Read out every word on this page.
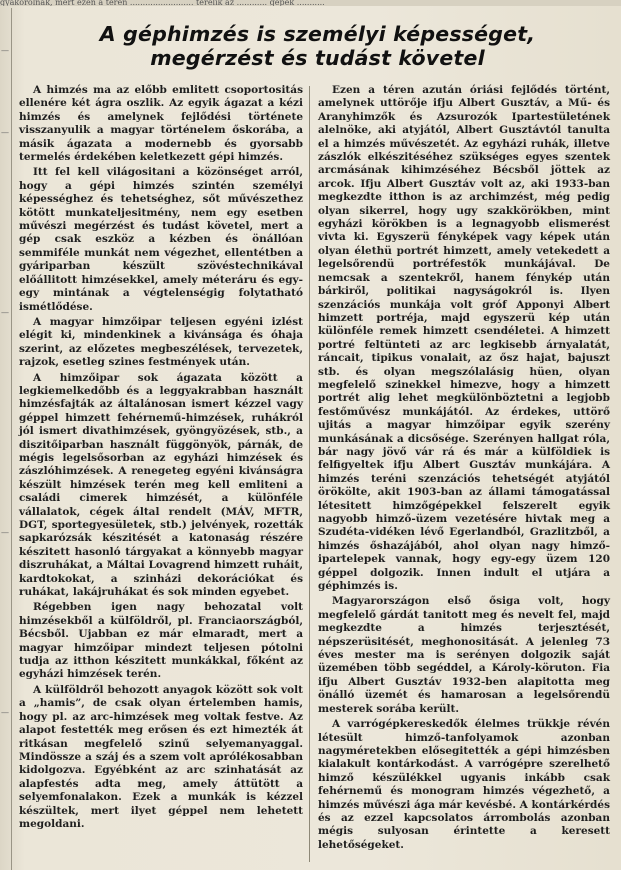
gyakorolnak, mert ezen a téren ......................... terelik az ............ gépek ...........
—
—
—
—
—
A géphimzés is személyi képességet,
megérzést és tudást követel

A himzés ma az előbb emlitett csoportositás ellenére két ágra oszlik. Az egyik ágazat a kézi himzés és amelynek fejlődési története visszanyulik a magyar történelem őskorába, a másik ágazata a modernebb és gyorsabb termelés érdekében keletkezett gépi himzés.

Itt fel kell világositani a közönséget arról, hogy a gépi himzés szintén személyi képességhez és tehetséghez, sőt művészethez kötött munkateljesitmény, nem egy esetben művészi megérzést és tudást követel, mert a gép csak eszköz a kézben és önállóan semmiféle munkát nem végezhet, ellentétben a gyáriparban készült szövéstechnikával előállitott himzésekkel, amely méteráru és egy-egy mintának a végtelenségig folytatható ismétlődése.

A magyar himzőipar teljesen egyéni izlést elégit ki, mindenkinek a kivánsága és óhaja szerint, az előzetes megbeszélések, tervezetek, rajzok, esetleg szines festmények után.

A himzőipar sok ágazata között a legkiemelkedőbb és a leggyakrabban használt himzésfajták az általánosan ismert kézzel vagy géppel himzett fehérnemű-himzések, ruhákról jól ismert divathimzések, gyöngyözések, stb., a diszitőiparban használt függönyök, párnák, de mégis legelsősorban az egyházi himzések és zászlóhimzések. A renegeteg egyéni kivánságra készült himzések terén meg kell emliteni a családi cimerek himzését, a különféle vállalatok, cégek által rendelt (MÁV, MFTR, DGT, sportegyesületek, stb.) jelvények, rozetták sapkarózsák készitését a katonaság részére készitett hasonló tárgyakat a könnyebb magyar diszruhákat, a Máltai Lovagrend himzett ruháit, kardtokokat, a szinházi dekorációkat és ruhákat, lakájruhákat és sok minden egyebet.

Régebben igen nagy behozatal volt himzésekből a külföldről, pl. Franciaországból, Bécsből. Ujabban ez már elmaradt, mert a magyar himzőipar mindezt teljesen pótolni tudja az itthon készitett munkákkal, főként az egyházi himzések terén.

A külföldről behozott anyagok között sok volt a „hamis”, de csak olyan értelemben hamis, hogy pl. az arc-himzések meg voltak festve. Az alapot festették meg erősen és ezt himezték át ritkásan megfelelő szinű selyemanyaggal. Mindössze a száj és a szem volt aprólékosabban kidolgozva. Egyébként az arc szinhatását az alapfestés adta meg, amely áttütött a selyemfonalakon. Ezek a munkák is kézzel készültek, mert ilyet géppel nem lehetett megoldani.

Ezen a téren azután óriási fejlődés történt, amelynek uttörője ifju Albert Gusztáv, a Mű- és Aranyhimzők és Azsurozók Ipartestületének alelnöke, aki atyjától, Albert Gusztávtól tanulta el a himzés művészetét. Az egyházi ruhák, illetve zászlók elkészitéséhez szükséges egyes szentek arcmásának kihimzéséhez Bécsből jöttek az arcok. Ifju Albert Gusztáv volt az, aki 1933-ban megkezdte itthon is az archimzést, még pedig olyan sikerrel, hogy ugy szakkörökben, mint egyházi körökben is a legnagyobb elismerést vivta ki. Egyszerü fényképek vagy képek után olyan élethü portrét himzett, amely vetekedett a legelsőrendü portréfestők munkájával. De nemcsak a szentekről, hanem fénykép után bárkiről, politikai nagyságokról is. Ilyen szenzációs munkája volt gróf Apponyi Albert himzett portréja, majd egyszerü kép után különféle remek himzett csendéletei. A himzett portré feltünteti az arc legkisebb árnyalatát, ráncait, tipikus vonalait, az ősz hajat, bajuszt stb. és olyan megszólalásig hüen, olyan megfelelő szinekkel himezve, hogy a himzett portrét alig lehet megkülönböztetni a legjobb festőművész munkájától. Az érdekes, uttörő ujitás a magyar himzőipar egyik szerény munkásának a dicsősége. Szerényen hallgat róla, bár nagy jövő vár rá és már a külföldiek is felfigyeltek ifju Albert Gusztáv munkájára. A himzés teréni szenzációs tehetségét atyjától örökölte, akit 1903-ban az állami támogatással létesitett himzőgépekkel felszerelt egyik nagyobb himző-üzem vezetésére hivtak meg a Szudéta-vidéken lévő Egerlandból, Grazlitzből, a himzés őshazájából, ahol olyan nagy himző-ipartelepek vannak, hogy egy-egy üzem 120 géppel dolgozik. Innen indult el utjára a géphimzés is.

Magyarországon első ősiga volt, hogy megfelelő gárdát tanitott meg és nevelt fel, majd megkezdte a himzés terjesztését, népszerüsitését, meghonositását. A jelenleg 73 éves mester ma is serényen dolgozik saját üzemében több segéddel, a Károly-köruton. Fia ifju Albert Gusztáv 1932-ben alapitotta meg önálló üzemét és hamarosan a legelsőrendü mesterek sorába került.

A varrógépkereskedők élelmes trükkje révén létesült himző-tanfolyamok azonban nagyméretekben elősegitették a gépi himzésben kialakult kontárkodást. A varrógépre szerelhető himző készülékkel ugyanis inkább csak fehérnemű és monogram himzés végezhető, a himzés művészi ága már kevésbé. A kontárkérdés és az ezzel kapcsolatos árrombolás azonban mégis sulyosan érintette a keresett lehetőségeket.
